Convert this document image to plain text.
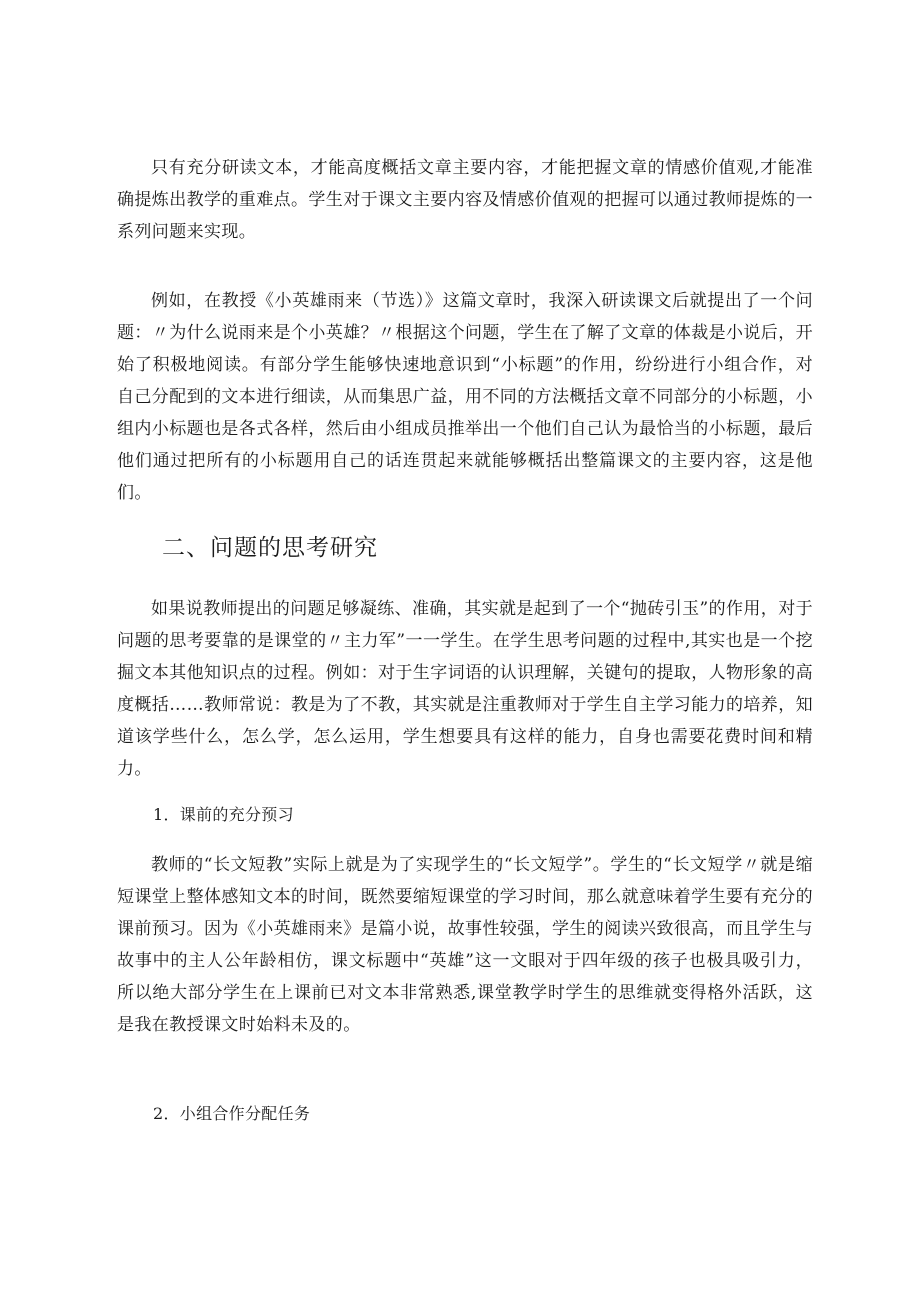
只有充分研读文本，才能高度概括文章主要内容，才能把握文章的情感价值观,才能准确提炼出教学的重难点。学生对于课文主要内容及情感价值观的把握可以通过教师提炼的一系列问题来实现。

例如，在教授《小英雄雨来（节选）》这篇文章时，我深入研读课文后就提出了一个问题：〃为什么说雨来是个小英雄？〃根据这个问题，学生在了解了文章的体裁是小说后，开始了积极地阅读。有部分学生能够快速地意识到“小标题”的作用，纷纷进行小组合作，对自己分配到的文本进行细读，从而集思广益，用不同的方法概括文章不同部分的小标题，小组内小标题也是各式各样，然后由小组成员推举出一个他们自己认为最恰当的小标题，最后他们通过把所有的小标题用自己的话连贯起来就能够概括出整篇课文的主要内容，这是他们。

二、问题的思考研究

如果说教师提出的问题足够凝练、准确，其实就是起到了一个“抛砖引玉”的作用，对于问题的思考要靠的是课堂的〃主力军”一一学生。在学生思考问题的过程中,其实也是一个挖掘文本其他知识点的过程。例如：对于生字词语的认识理解，关键句的提取，人物形象的高度概括……教师常说：教是为了不教，其实就是注重教师对于学生自主学习能力的培养，知道该学些什么，怎么学，怎么运用，学生想要具有这样的能力，自身也需要花费时间和精力。

1．课前的充分预习

教师的“长文短教”实际上就是为了实现学生的“长文短学”。学生的“长文短学〃就是缩短课堂上整体感知文本的时间，既然要缩短课堂的学习时间，那么就意味着学生要有充分的课前预习。因为《小英雄雨来》是篇小说，故事性较强，学生的阅读兴致很高，而且学生与故事中的主人公年龄相仿，课文标题中“英雄”这一文眼对于四年级的孩子也极具吸引力，所以绝大部分学生在上课前已对文本非常熟悉,课堂教学时学生的思维就变得格外活跃，这是我在教授课文时始料未及的。

2．小组合作分配任务
